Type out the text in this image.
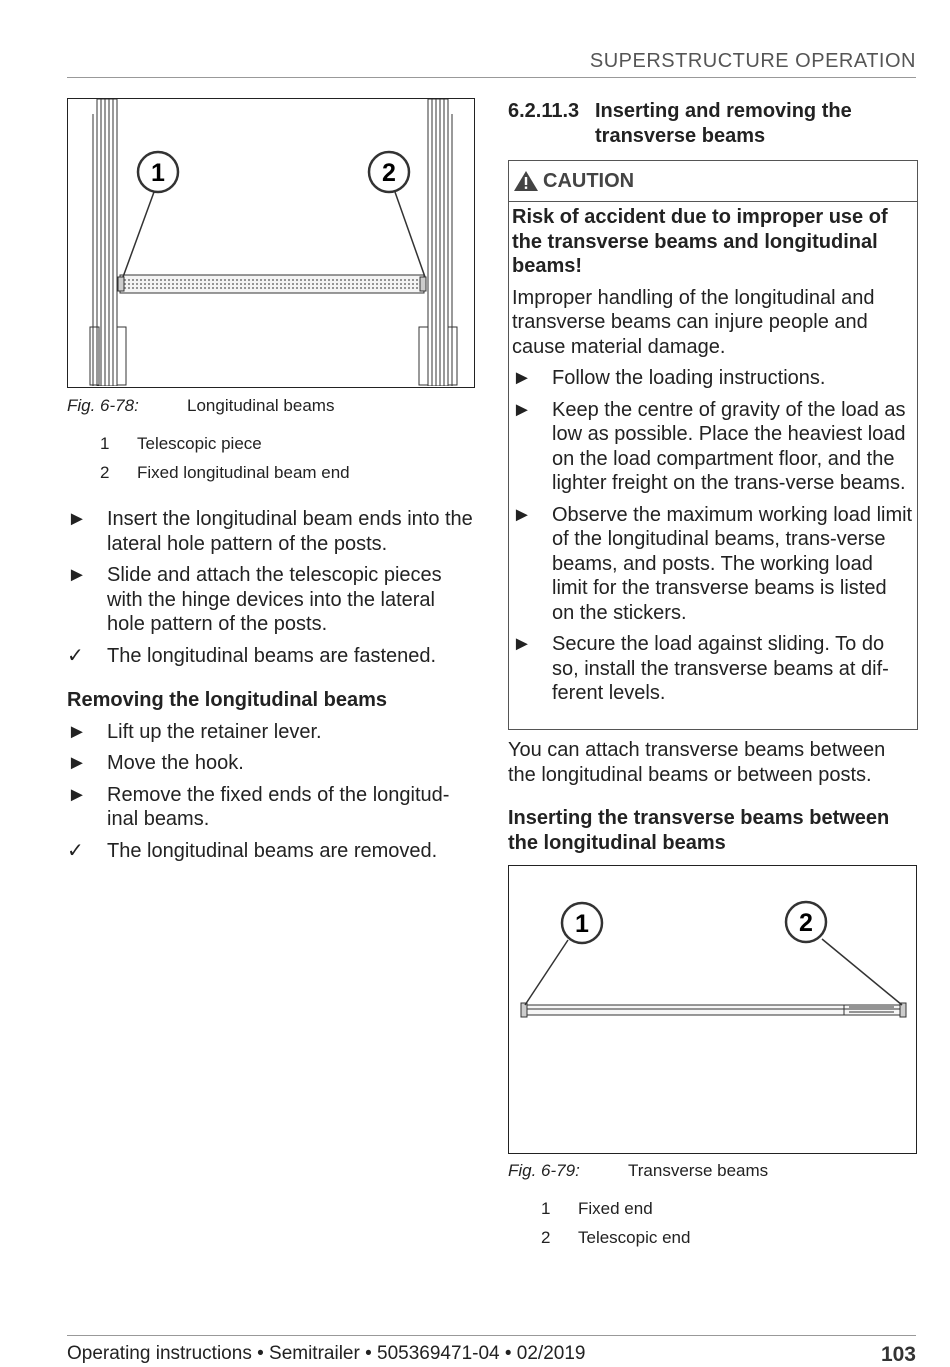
SUPERSTRUCTURE OPERATION
1	2
Fig. 6-78:	Longitudinal beams
1 Telescopic piece
2 Fixed longitudinal beam end
►	Insert the longitudinal beam ends into the lateral hole pattern of the posts.
►	Slide and attach the telescopic pieces with the hinge devices into the lateral hole pattern of the posts.
✓	The longitudinal beams are fastened.
Removing the longitudinal beams
►	Lift up the retainer lever.
►	Move the hook.
►	Remove the fixed ends of the longitud-inal beams.
✓	The longitudinal beams are removed.
6.2.11.3 Inserting and removing the transverse beams
CAUTION
Risk of accident due to improper use of the transverse beams and longitudinal beams!
Improper handling of the longitudinal and transverse beams can injure people and cause material damage.
►	Follow the loading instructions.
►	Keep the centre of gravity of the load as low as possible. Place the heaviest load on the load compartment floor, and the lighter freight on the trans-verse beams.
►	Observe the maximum working load limit of the longitudinal beams, trans-verse beams, and posts. The working load limit for the transverse beams is listed on the stickers.
►	Secure the load against sliding. To do so, install the transverse beams at dif-ferent levels.
You can attach transverse beams between the longitudinal beams or between posts.
Inserting the transverse beams between the longitudinal beams
1	2
Fig. 6-79:	Transverse beams
1 Fixed end
2 Telescopic end
Operating instructions • Semitrailer • 505369471-04 • 02/2019	103
